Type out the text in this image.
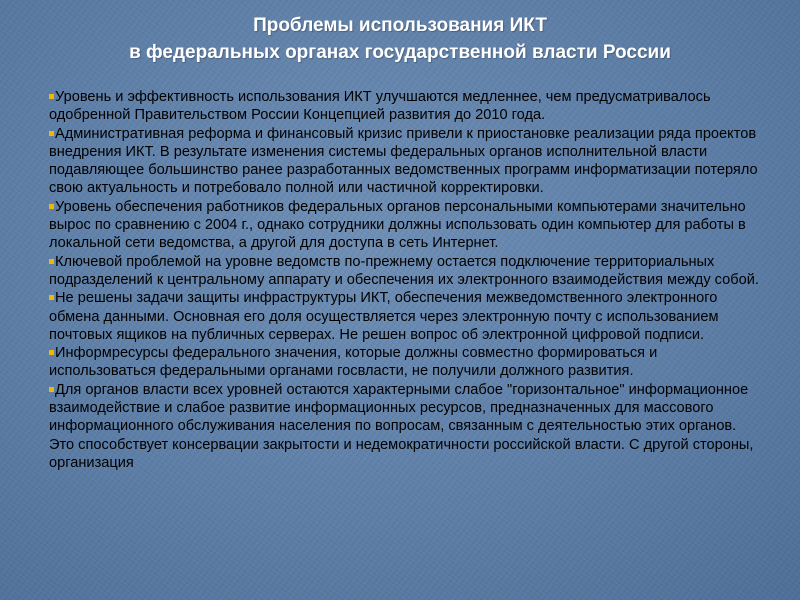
Проблемы использования ИКТ
в федеральных органах государственной власти России
Уровень и эффективность использования ИКТ улучшаются медленнее, чем предусматривалось одобренной Правительством России Концепцией развития до 2010 года.
Административная реформа и финансовый кризис привели к приостановке реализации ряда проектов внедрения ИКТ. В результате изменения системы федеральных органов исполнительной власти подавляющее большинство ранее разработанных ведомственных программ информатизации потеряло свою актуальность и потребовало полной или частичной корректировки.
Уровень обеспечения работников федеральных органов персональными компьютерами значительно вырос по сравнению с 2004 г., однако сотрудники должны использовать один компьютер для работы в локальной сети ведомства, а другой для доступа в сеть Интернет.
Ключевой проблемой на уровне ведомств по-прежнему остается подключение территориальных подразделений к центральному аппарату и обеспечения их электронного взаимодействия между собой.
Не решены задачи защиты инфраструктуры ИКТ, обеспечения межведомственного электронного обмена данными. Основная его доля осуществляется через электронную почту с использованием почтовых ящиков на публичных серверах. Не решен вопрос об электронной цифровой подписи.
Информресурсы федерального значения, которые должны совместно формироваться и использоваться федеральными органами госвласти, не получили должного развития.
Для органов власти всех уровней остаются характерными слабое "горизонтальное" информационное взаимодействие и слабое развитие информационных ресурсов, предназначенных для массового информационного обслуживания населения по вопросам, связанным с деятельностью этих органов. Это способствует консервации закрытости и недемократичности российской власти. С другой стороны, организация
